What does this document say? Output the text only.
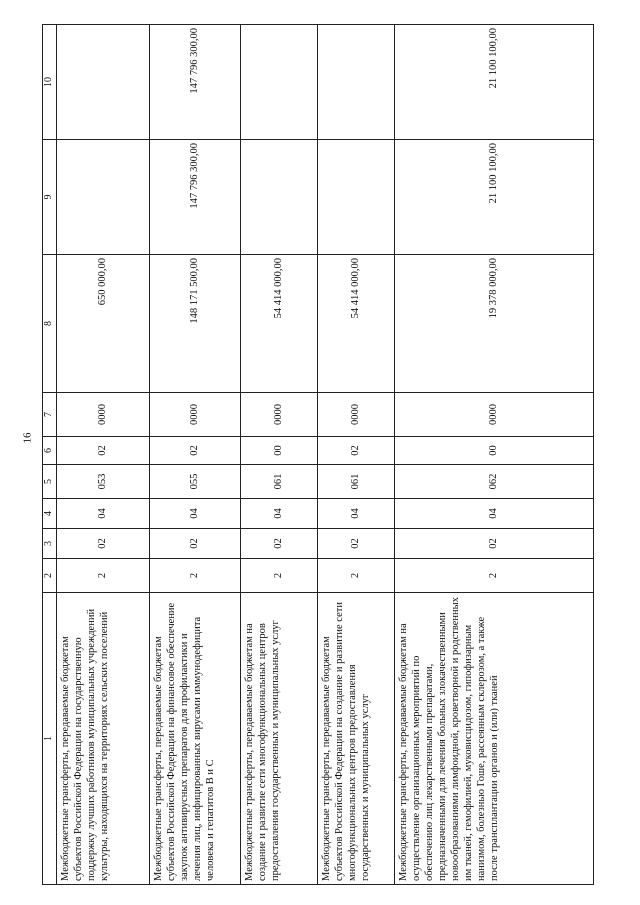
16
1	2	3	4	5	6	7	8	9	10
Межбюджетные трансферты, передаваемые бюджетам субъектов Российской Федерации на государственную поддержку лучших работников муниципальных учреждений культуры, находящихся на территориях сельских поселений	2	02	04	053	02	0000	650 000,00		
Межбюджетные трансферты, передаваемые бюджетам субъектов Российской Федерации на финансовое обеспечение закупок антивирусных препаратов для профилактики и лечения лиц, инфицированных вирусами иммунодефицита человека и гепатитов В и С	2	02	04	055	02	0000	148 171 500,00	147 796 300,00	147 796 300,00
Межбюджетные трансферты, передаваемые бюджетам на создание и развитие сети многофункциональных центров предоставления государственных и муниципальных услуг	2	02	04	061	00	0000	54 414 000,00		
Межбюджетные трансферты, передаваемые бюджетам субъектов Российской Федерации на создание и развитие сети многофункциональных центров предоставления государственных и муниципальных услуг	2	02	04	061	02	0000	54 414 000,00		
Межбюджетные трансферты, передаваемые бюджетам на осуществление организационных мероприятий по обеспечению лиц лекарственными препаратами, предназначенными для лечения больных злокачественными новообразованиями лимфоидной, кроветворной и родственных им тканей, гемофилией, муковисцидозом, гипофизарным нанизмом, болезнью Гоше, рассеянным склерозом, а также после трансплантации органов и (или) тканей	2	02	04	062	00	0000	19 378 000,00	21 100 100,00	21 100 100,00
